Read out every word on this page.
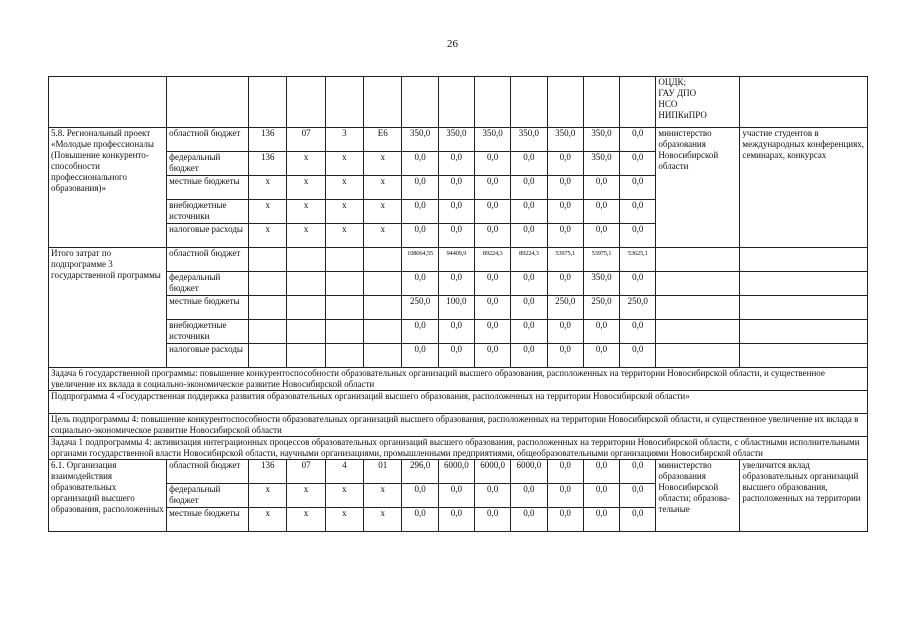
26
													ОЦДК;
ГАУ ДПО
НСО
НИПКиПРО	
5.8. Региональный проект «Молодые профессионалы (Повышение конкуренто-способности профессионального образования)»	областной бюджет	136	07	3	Е6	350,0	350,0	350,0	350,0	350,0	350,0	0,0	министерство образования Новосибирской области	участие студентов в международных конференциях, семинарах, конкурсах
	федеральный бюджет	136	x	x	x	0,0	0,0	0,0	0,0	0,0	350,0	0,0		
	местные бюджеты	x	x	x	x	0,0	0,0	0,0	0,0	0,0	0,0	0,0		
	внебюджетные источники	x	x	x	x	0,0	0,0	0,0	0,0	0,0	0,0	0,0		
	налоговые расходы	x	x	x	x	0,0	0,0	0,0	0,0	0,0	0,0	0,0		
Итого затрат по подпрограмме 3 государственной программы	областной бюджет					108064,55	94409,9	89224,3	89224,3	53975,1	53975,1	53625,1		
	федеральный бюджет					0,0	0,0	0,0	0,0	0,0	350,0	0,0		
	местные бюджеты					250,0	100,0	0,0	0,0	250,0	250,0	250,0		
	внебюджетные источники					0,0	0,0	0,0	0,0	0,0	0,0	0,0		
	налоговые расходы					0,0	0,0	0,0	0,0	0,0	0,0	0,0		
Задача 6 государственной программы: повышение конкурентоспособности образовательных организаций высшего образования, расположенных на территории Новосибирской области, и существенное увеличение их вклада в социально-экономическое развитие Новосибирской области														
Подпрограмма 4 «Государственная поддержка развития образовательных организаций высшего образования, расположенных на территории Новосибирской области»														
Цель подпрограммы 4: повышение конкурентоспособности образовательных организаций высшего образования, расположенных на территории Новосибирской области, и существенное увеличение их вклада в социально-экономическое развитие Новосибирской области														
Задача 1 подпрограммы 4: активизация интеграционных процессов образовательных организаций высшего образования, расположенных на территории Новосибирской области, с областными исполнительными органами государственной власти Новосибирской области, научными организациями, промышленными предприятиями, общеобразовательными организациями Новосибирской области														
6.1. Организация взаимодействия образовательных организаций высшего образования, расположенных	областной бюджет	136	07	4	01	296,0	6000,0	6000,0	6000,0	0,0	0,0	0,0	министерство образования Новосибирской области; образова-тельные	увеличится вклад образовательных организаций высшего образования, расположенных на территории
	федеральный бюджет	x	x	x	x	0,0	0,0	0,0	0,0	0,0	0,0	0,0		
	местные бюджеты	x	x	x	x	0,0	0,0	0,0	0,0	0,0	0,0	0,0		
